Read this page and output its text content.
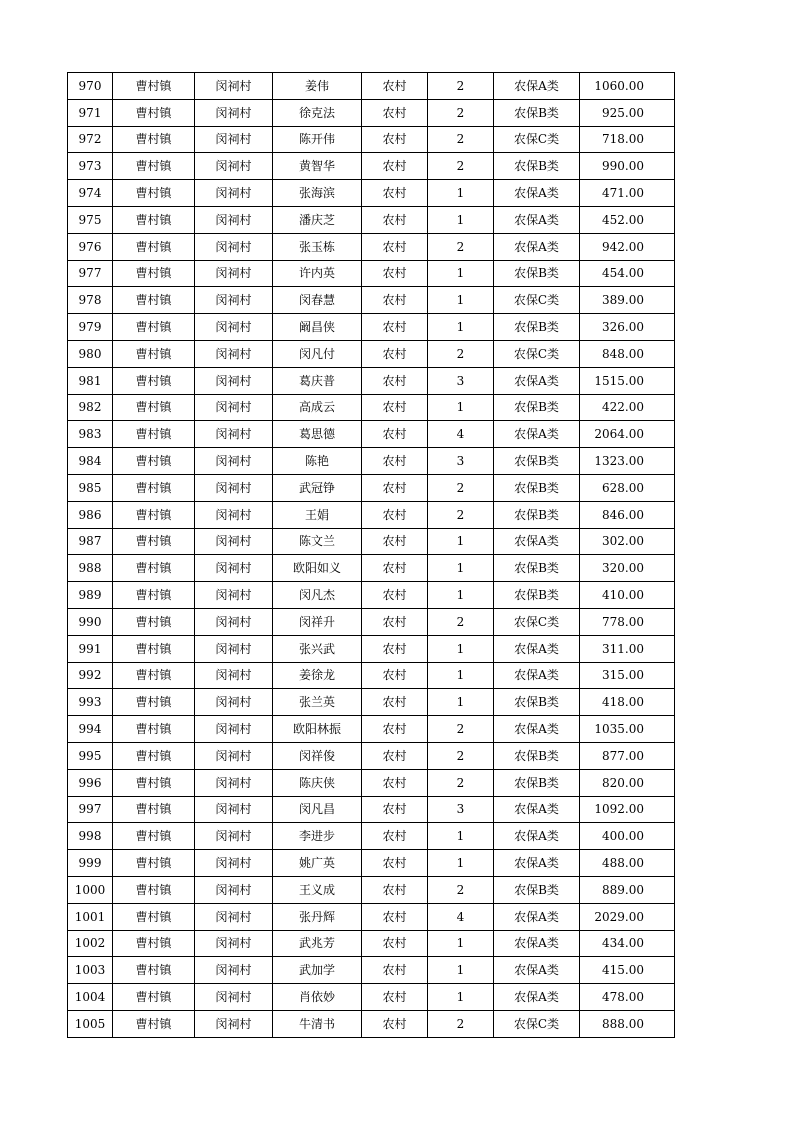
970	曹村镇	闵祠村	姜伟	农村	2	农保A类	1060.00
971	曹村镇	闵祠村	徐克法	农村	2	农保B类	925.00
972	曹村镇	闵祠村	陈开伟	农村	2	农保C类	718.00
973	曹村镇	闵祠村	黄智华	农村	2	农保B类	990.00
974	曹村镇	闵祠村	张海滨	农村	1	农保A类	471.00
975	曹村镇	闵祠村	潘庆芝	农村	1	农保A类	452.00
976	曹村镇	闵祠村	张玉栋	农村	2	农保A类	942.00
977	曹村镇	闵祠村	许内英	农村	1	农保B类	454.00
978	曹村镇	闵祠村	闵春慧	农村	1	农保C类	389.00
979	曹村镇	闵祠村	阚昌侠	农村	1	农保B类	326.00
980	曹村镇	闵祠村	闵凡付	农村	2	农保C类	848.00
981	曹村镇	闵祠村	葛庆普	农村	3	农保A类	1515.00
982	曹村镇	闵祠村	高成云	农村	1	农保B类	422.00
983	曹村镇	闵祠村	葛思德	农村	4	农保A类	2064.00
984	曹村镇	闵祠村	陈艳	农村	3	农保B类	1323.00
985	曹村镇	闵祠村	武冠铮	农村	2	农保B类	628.00
986	曹村镇	闵祠村	王娟	农村	2	农保B类	846.00
987	曹村镇	闵祠村	陈文兰	农村	1	农保A类	302.00
988	曹村镇	闵祠村	欧阳如义	农村	1	农保B类	320.00
989	曹村镇	闵祠村	闵凡杰	农村	1	农保B类	410.00
990	曹村镇	闵祠村	闵祥升	农村	2	农保C类	778.00
991	曹村镇	闵祠村	张兴武	农村	1	农保A类	311.00
992	曹村镇	闵祠村	姜徐龙	农村	1	农保A类	315.00
993	曹村镇	闵祠村	张兰英	农村	1	农保B类	418.00
994	曹村镇	闵祠村	欧阳林振	农村	2	农保A类	1035.00
995	曹村镇	闵祠村	闵祥俊	农村	2	农保B类	877.00
996	曹村镇	闵祠村	陈庆侠	农村	2	农保B类	820.00
997	曹村镇	闵祠村	闵凡昌	农村	3	农保A类	1092.00
998	曹村镇	闵祠村	李进步	农村	1	农保A类	400.00
999	曹村镇	闵祠村	姚广英	农村	1	农保A类	488.00
1000	曹村镇	闵祠村	王义成	农村	2	农保B类	889.00
1001	曹村镇	闵祠村	张丹辉	农村	4	农保A类	2029.00
1002	曹村镇	闵祠村	武兆芳	农村	1	农保A类	434.00
1003	曹村镇	闵祠村	武加学	农村	1	农保A类	415.00
1004	曹村镇	闵祠村	肖依妙	农村	1	农保A类	478.00
1005	曹村镇	闵祠村	牛清书	农村	2	农保C类	888.00
